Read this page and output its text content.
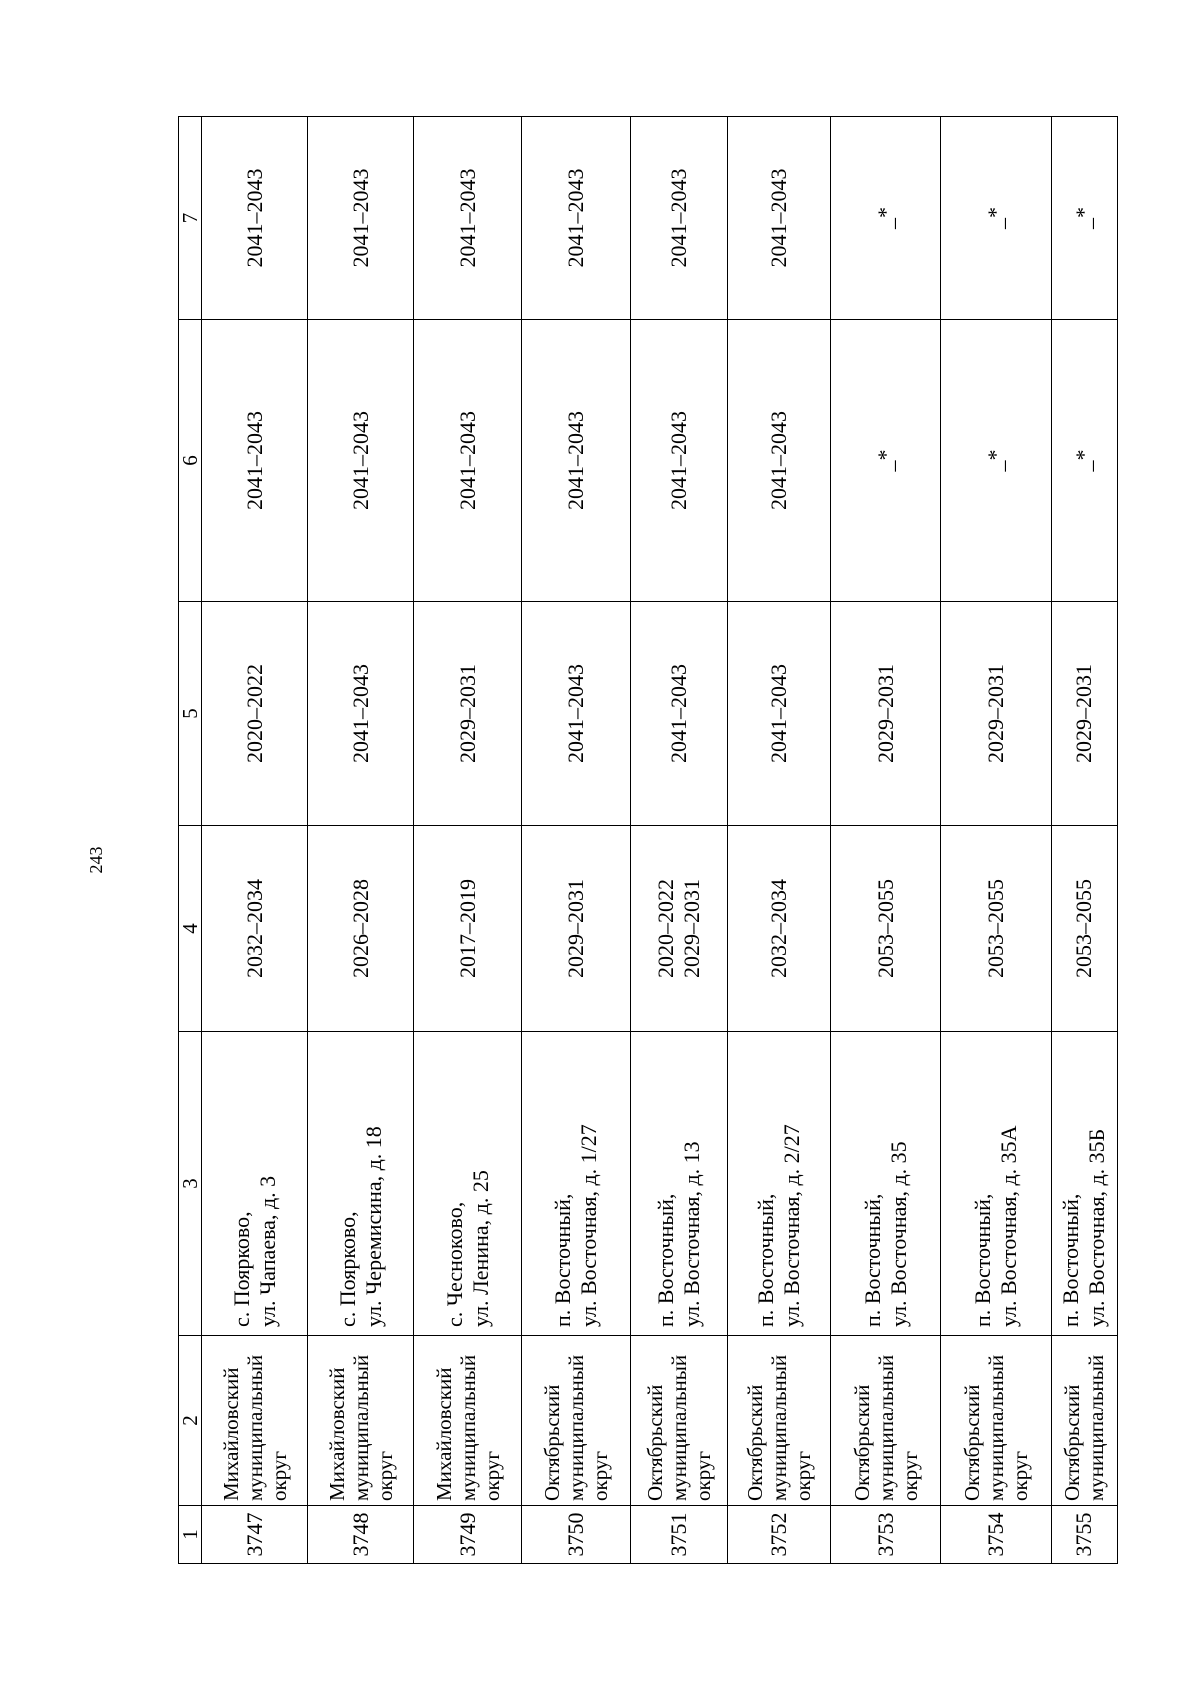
243
1	2	3	4	5	6	7
3747	Михайловский муниципальный округ	с. Поярково, ул. Чапаева, д. 3	2032–2034	2020–2022	2041–2043	2041–2043
3748	Михайловский муниципальный округ	с. Поярково, ул. Черемисина, д. 18	2026–2028	2041–2043	2041–2043	2041–2043
3749	Михайловский муниципальный округ	с. Чесноково, ул. Ленина, д. 25	2017–2019	2029–2031	2041–2043	2041–2043
3750	Октябрьский муниципальный округ	п. Восточный, ул. Восточная, д. 1/27	2029–2031	2041–2043	2041–2043	2041–2043
3751	Октябрьский муниципальный округ	п. Восточный, ул. Восточная, д. 13	2020–2022 2029–2031	2041–2043	2041–2043	2041–2043
3752	Октябрьский муниципальный округ	п. Восточный, ул. Восточная, д. 2/27	2032–2034	2041–2043	2041–2043	2041–2043
3753	Октябрьский муниципальный округ	п. Восточный, ул. Восточная, д. 35	2053–2055	2029–2031	_*	_*
3754	Октябрьский муниципальный округ	п. Восточный, ул. Восточная, д. 35А	2053–2055	2029–2031	_*	_*
3755	Октябрьский муниципальный	п. Восточный, ул. Восточная, д. 35Б	2053–2055	2029–2031	_*	_*
